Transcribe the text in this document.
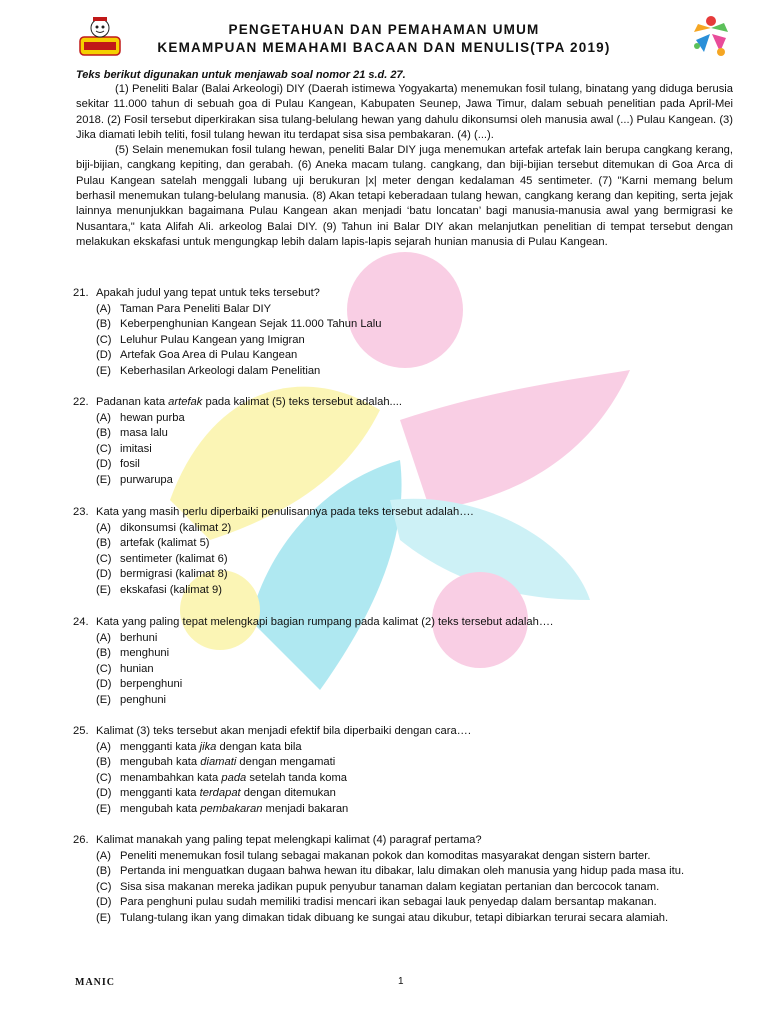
PENGETAHUAN DAN PEMAHAMAN UMUM
KEMAMPUAN MEMAHAMI BACAAN DAN MENULIS(TPA 2019)
Teks berikut digunakan untuk menjawab soal nomor 21 s.d. 27.

(1) Peneliti Balar (Balai Arkeologi) DIY (Daerah istimewa Yogyakarta) menemukan fosil tulang, binatang yang diduga berusia sekitar 11.000 tahun di sebuah goa di Pulau Kangean, Kabupaten Seunep, Jawa Timur, dalam sebuah penelitian pada April-Mei 2018. (2) Fosil tersebut diperkirakan sisa tulang-belulang hewan yang dahulu dikonsumsi oleh manusia awal (...) Pulau Kangean. (3) Jika diamati lebih teliti, fosil tulang hewan itu terdapat sisa sisa pembakaran. (4) (...).

(5) Selain menemukan fosil tulang hewan, peneliti Balar DIY juga menemukan artefak artefak lain berupa cangkang kerang, biji-bijian, cangkang kepiting, dan gerabah. (6) Aneka macam tulang. cangkang, dan biji-bijian tersebut ditemukan di Goa Arca di Pulau Kangean satelah menggali lubang uji berukuran |x| meter dengan kedalaman 45 sentimeter. (7) "Karni memang belum berhasil menemukan tulang-belulang manusia. (8) Akan tetapi keberadaan tulang hewan, cangkang kerang dan kepiting, serta jejak lainnya menunjukkan bagaimana Pulau Kangean akan menjadi ‘batu loncatan’ bagi manusia-manusia awal yang bermigrasi ke Nusantara," kata Alifah Ali. arkeolog Balai DIY. (9) Tahun ini Balar DIY akan melanjutkan penelitian di tempat tersebut dengan melakukan ekskafasi untuk mengungkap lebih dalam lapis-lapis sejarah hunian manusia di Pulau Kangean.

21. Apakah judul yang tepat untuk teks tersebut?
(A) Taman Para Peneliti Balar DIY
(B) Keberpenghunian Kangean Sejak 11.000 Tahun Lalu
(C) Leluhur Pulau Kangean yang Imigran
(D) Artefak Goa Area di Pulau Kangean
(E) Keberhasilan Arkeologi dalam Penelitian
22. Padanan kata artefak pada kalimat (5) teks tersebut adalah....
(A) hewan purba
(B) masa lalu
(C) imitasi
(D) fosil
(E) purwarupa
23. Kata yang masih perlu diperbaiki penulisannya pada teks tersebut adalah….
(A) dikonsumsi (kalimat 2)
(B) artefak (kalimat 5)
(C) sentimeter (kalimat 6)
(D) bermigrasi (kalimat 8)
(E) ekskafasi (kalimat 9)
24. Kata yang paling tepat melengkapi bagian rumpang pada kalimat (2) teks tersebut adalah….
(A) berhuni
(B) menghuni
(C) hunian
(D) berpenghuni
(E) penghuni
25. Kalimat (3) teks tersebut akan menjadi efektif bila diperbaiki dengan cara….
(A) mengganti kata jika dengan kata bila
(B) mengubah kata diamati dengan mengamati
(C) menambahkan kata pada setelah tanda koma
(D) mengganti kata terdapat dengan ditemukan
(E) mengubah kata pembakaran menjadi bakaran
26. Kalimat manakah yang paling tepat melengkapi kalimat (4) paragraf pertama?
(A) Peneliti menemukan fosil tulang sebagai makanan pokok dan komoditas masyarakat dengan sistern barter.
(B) Pertanda ini menguatkan dugaan bahwa hewan itu dibakar, lalu dimakan oleh manusia yang hidup pada masa itu.
(C) Sisa sisa makanan mereka jadikan pupuk penyubur tanaman dalam kegiatan pertanian dan bercocok tanam.
(D) Para penghuni pulau sudah memiliki tradisi mencari ikan sebagai lauk penyedap dalam bersantap makanan.
(E) Tulang-tulang ikan yang dimakan tidak dibuang ke sungai atau dikubur, tetapi dibiarkan terurai secara alamiah.
MANIC	1
